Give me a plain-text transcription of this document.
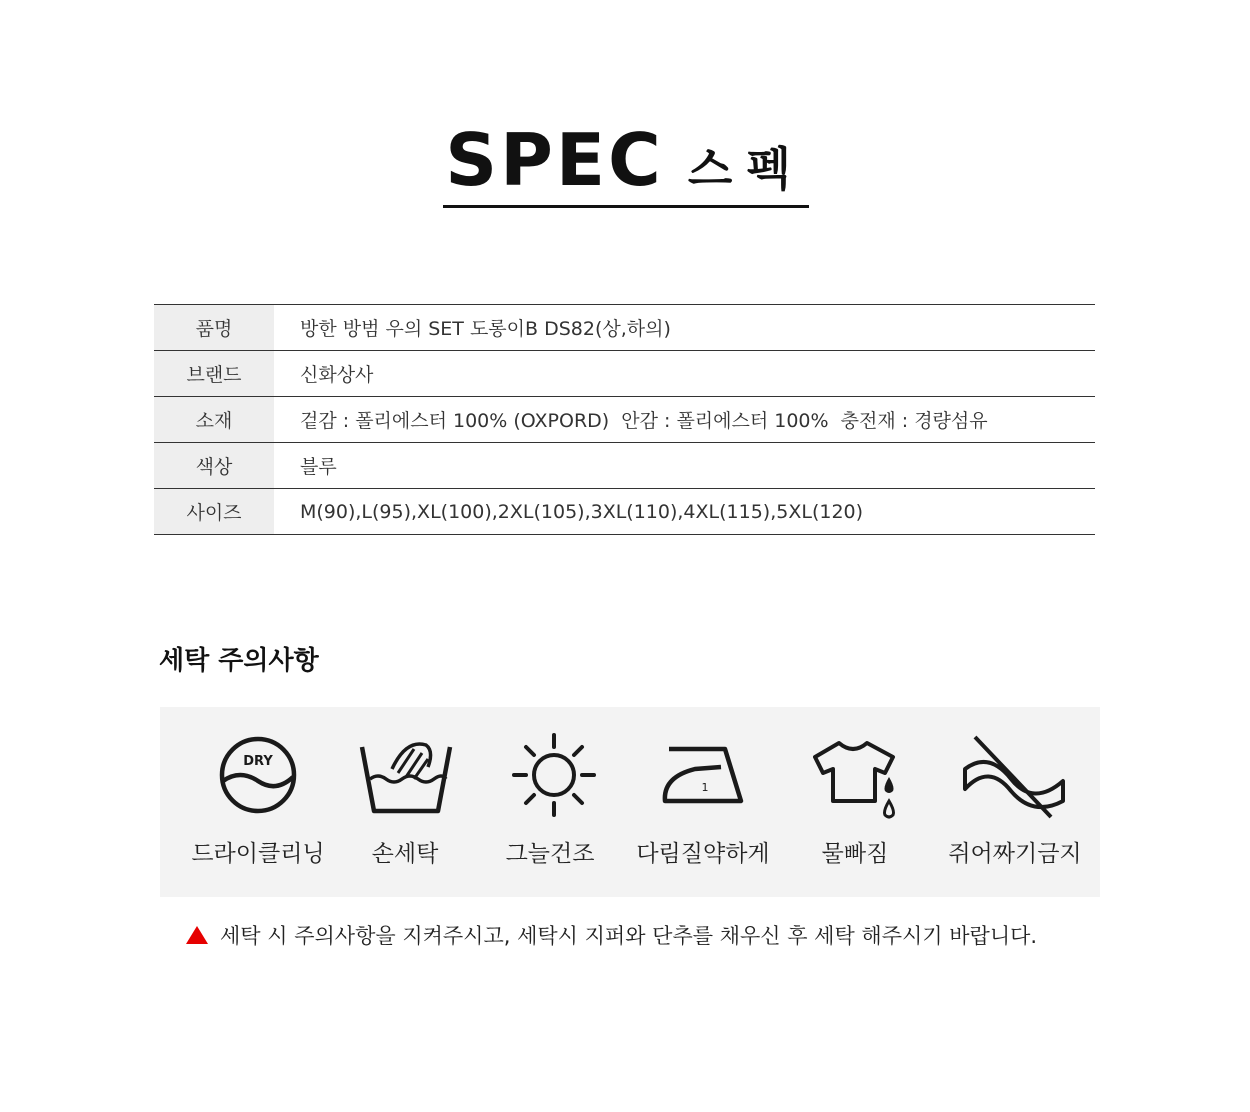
SPEC 스펙
품명	방한 방범 우의 SET 도롱이B DS82(상,하의)
브랜드	신화상사
소재	겉감 : 폴리에스터 100% (OXPORD)  안감 : 폴리에스터 100%  충전재 : 경량섬유
색상	블루
사이즈	M(90),L(95),XL(100),2XL(105),3XL(110),4XL(115),5XL(120)
세탁 주의사항
DRY
드라이클리닝	손세탁	그늘건조
1
다림질약하게	물빠짐	쥐어짜기금지
세탁 시 주의사항을 지켜주시고, 세탁시 지퍼와 단추를 채우신 후 세탁 해주시기 바랍니다.
